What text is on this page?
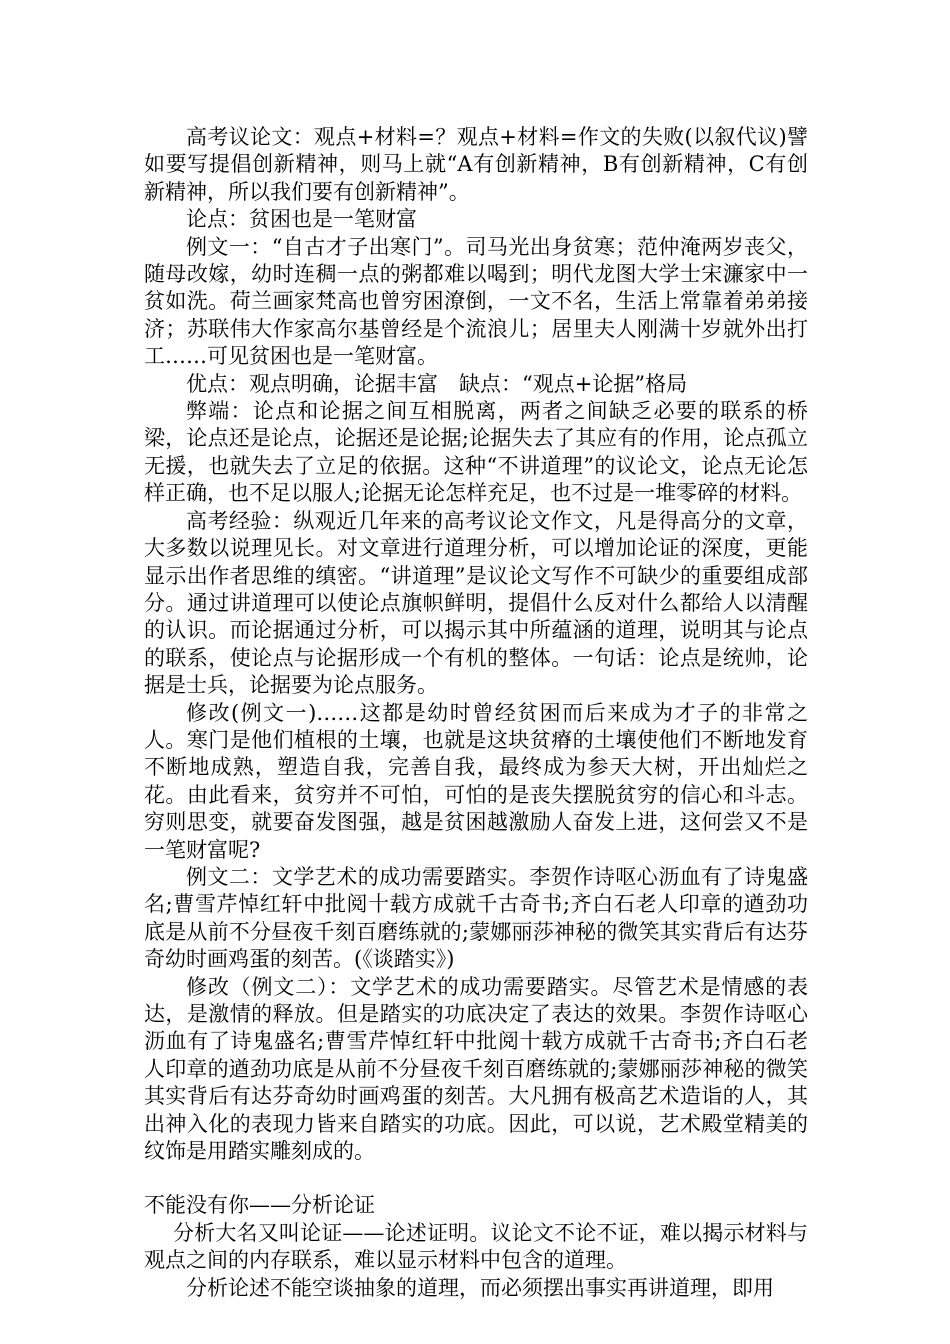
高考议论文：观点+材料=？观点+材料=作文的失败(以叙代议)譬如要写提倡创新精神，则马上就“A有创新精神，B有创新精神，C有创新精神，所以我们要有创新精神”。

论点：贫困也是一笔财富

例文一：“自古才子出寒门”。司马光出身贫寒；范仲淹两岁丧父，随母改嫁，幼时连稠一点的粥都难以喝到；明代龙图大学士宋濂家中一贫如洗。荷兰画家梵高也曾穷困潦倒，一文不名，生活上常靠着弟弟接济；苏联伟大作家高尔基曾经是个流浪儿；居里夫人刚满十岁就外出打工……可见贫困也是一笔财富。

优点：观点明确，论据丰富　缺点：“观点+论据”格局

弊端：论点和论据之间互相脱离，两者之间缺乏必要的联系的桥梁，论点还是论点，论据还是论据;论据失去了其应有的作用，论点孤立无援，也就失去了立足的依据。这种“不讲道理”的议论文，论点无论怎样正确，也不足以服人;论据无论怎样充足，也不过是一堆零碎的材料。

高考经验：纵观近几年来的高考议论文作文，凡是得高分的文章，大多数以说理见长。对文章进行道理分析，可以增加论证的深度，更能显示出作者思维的缜密。“讲道理”是议论文写作不可缺少的重要组成部分。通过讲道理可以使论点旗帜鲜明，提倡什么反对什么都给人以清醒的认识。而论据通过分析，可以揭示其中所蕴涵的道理，说明其与论点的联系，使论点与论据形成一个有机的整体。一句话：论点是统帅，论据是士兵，论据要为论点服务。

修改(例文一)……这都是幼时曾经贫困而后来成为才子的非常之人。寒门是他们植根的土壤，也就是这块贫瘠的土壤使他们不断地发育不断地成熟，塑造自我，完善自我，最终成为参天大树，开出灿烂之花。由此看来，贫穷并不可怕，可怕的是丧失摆脱贫穷的信心和斗志。穷则思变，就要奋发图强，越是贫困越激励人奋发上进，这何尝又不是一笔财富呢?

例文二：文学艺术的成功需要踏实。李贺作诗呕心沥血有了诗鬼盛名;曹雪芹悼红轩中批阅十载方成就千古奇书;齐白石老人印章的遒劲功底是从前不分昼夜千刻百磨练就的;蒙娜丽莎神秘的微笑其实背后有达芬奇幼时画鸡蛋的刻苦。(《谈踏实》)

修改（例文二）：文学艺术的成功需要踏实。尽管艺术是情感的表达，是激情的释放。但是踏实的功底决定了表达的效果。李贺作诗呕心沥血有了诗鬼盛名;曹雪芹悼红轩中批阅十载方成就千古奇书;齐白石老人印章的遒劲功底是从前不分昼夜千刻百磨练就的;蒙娜丽莎神秘的微笑其实背后有达芬奇幼时画鸡蛋的刻苦。大凡拥有极高艺术造诣的人，其出神入化的表现力皆来自踏实的功底。因此，可以说，艺术殿堂精美的纹饰是用踏实雕刻成的。

不能没有你——分析论证

分析大名又叫论证——论述证明。议论文不论不证，难以揭示材料与观点之间的内存联系，难以显示材料中包含的道理。

分析论述不能空谈抽象的道理，而必须摆出事实再讲道理，即用
